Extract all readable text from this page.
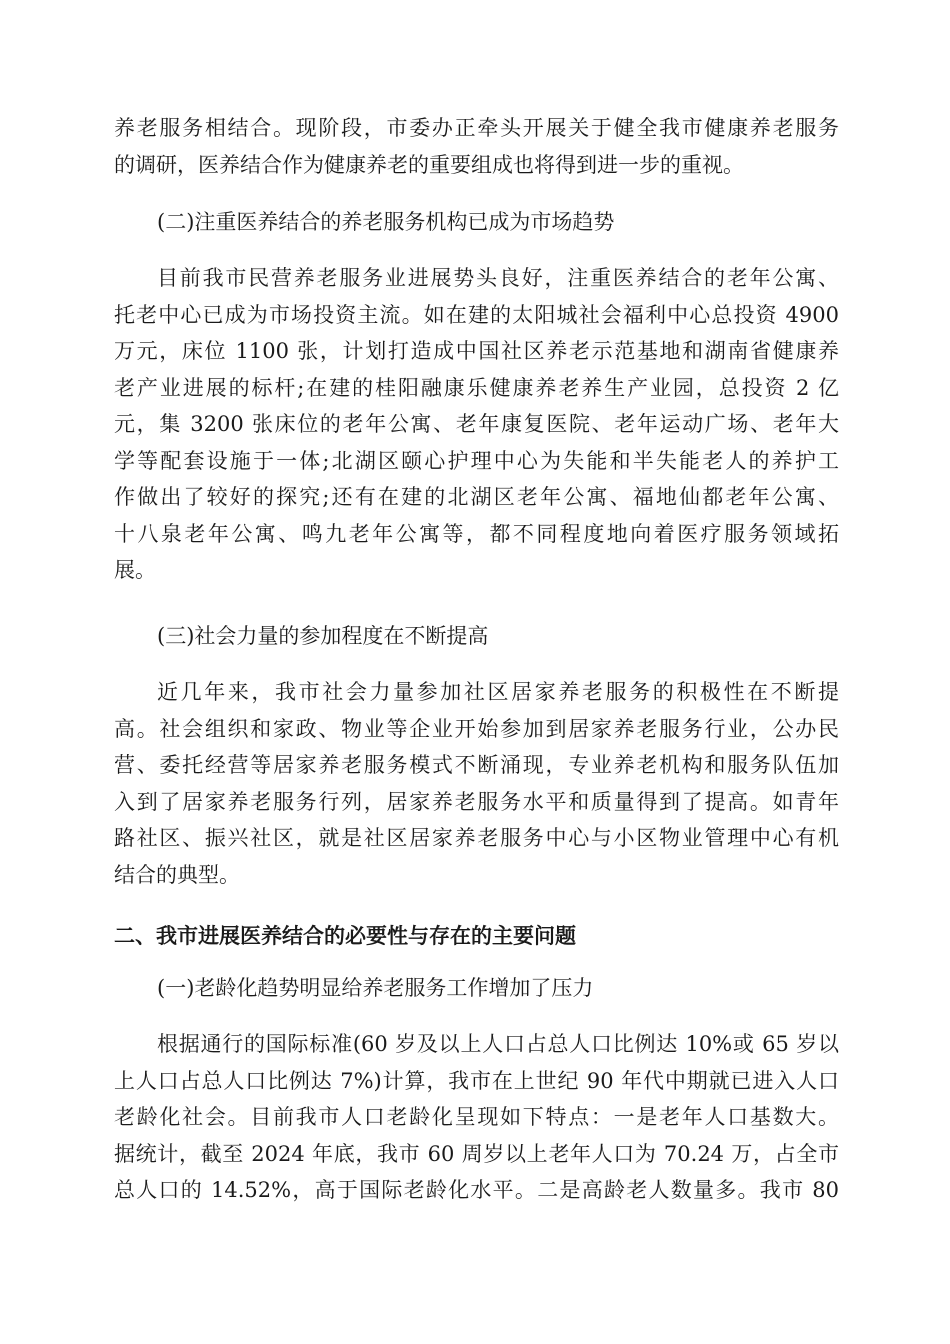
养老服务相结合。现阶段，市委办正牵头开展关于健全我市健康养老服务
的调研，医养结合作为健康养老的重要组成也将得到进一步的重视。

(二)注重医养结合的养老服务机构已成为市场趋势

目前我市民营养老服务业进展势头良好，注重医养结合的老年公寓、
托老中心已成为市场投资主流。如在建的太阳城社会福利中心总投资 4900
万元，床位 1100 张，计划打造成中国社区养老示范基地和湖南省健康养
老产业进展的标杆;在建的桂阳融康乐健康养老养生产业园，总投资 2 亿
元，集 3200 张床位的老年公寓、老年康复医院、老年运动广场、老年大
学等配套设施于一体;北湖区颐心护理中心为失能和半失能老人的养护工
作做出了较好的探究;还有在建的北湖区老年公寓、福地仙都老年公寓、
十八泉老年公寓、鸣九老年公寓等，都不同程度地向着医疗服务领域拓
展。

(三)社会力量的参加程度在不断提高

近几年来，我市社会力量参加社区居家养老服务的积极性在不断提
高。社会组织和家政、物业等企业开始参加到居家养老服务行业，公办民
营、委托经营等居家养老服务模式不断涌现，专业养老机构和服务队伍加
入到了居家养老服务行列，居家养老服务水平和质量得到了提高。如青年
路社区、振兴社区，就是社区居家养老服务中心与小区物业管理中心有机
结合的典型。

二、我市进展医养结合的必要性与存在的主要问题

(一)老龄化趋势明显给养老服务工作增加了压力

根据通行的国际标准(60 岁及以上人口占总人口比例达 10%或 65 岁以
上人口占总人口比例达 7%)计算，我市在上世纪 90 年代中期就已进入人口
老龄化社会。目前我市人口老龄化呈现如下特点：一是老年人口基数大。
据统计，截至 2024 年底，我市 60 周岁以上老年人口为 70.24 万，占全市
总人口的 14.52%，高于国际老龄化水平。二是高龄老人数量多。我市 80
